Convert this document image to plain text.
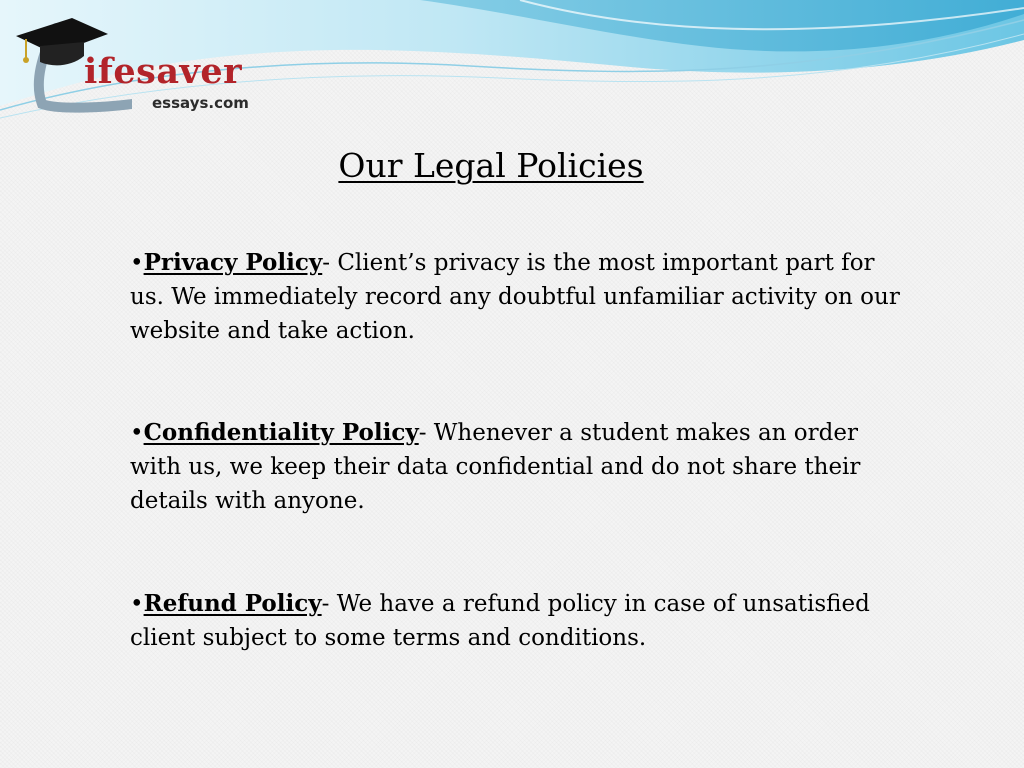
ifesaver
essays.com
Our Legal Policies

•Privacy Policy- Client’s privacy is the most important part for us. We immediately record any doubtful unfamiliar activity on our website and take action.

•Confidentiality Policy- Whenever a student makes an order with us, we keep their data confidential and do not share their details with anyone.

•Refund Policy- We have a refund policy in case of unsatisfied client subject to some terms and conditions.
